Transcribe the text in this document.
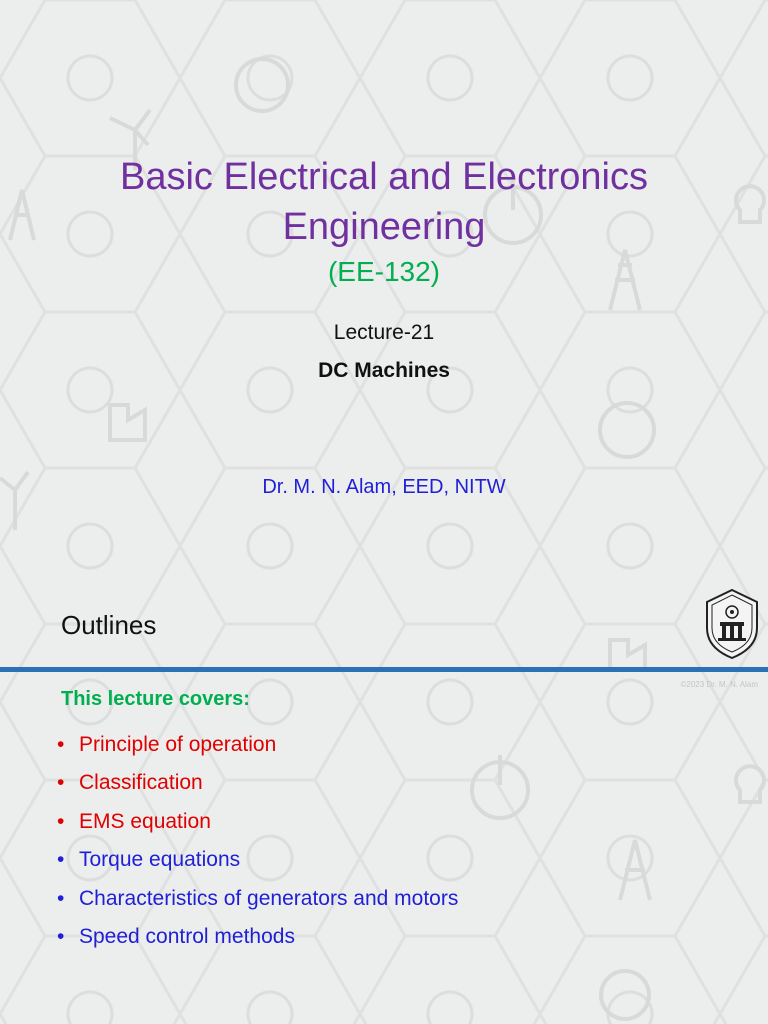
Basic Electrical and Electronics
Engineering
(EE-132)
Lecture-21
DC Machines
Dr. M. N. Alam, EED, NITW
Outlines
©2023 Dr. M. N. Alam
This lecture covers:
• Principle of operation
• Classification
• EMS equation
• Torque equations
• Characteristics of generators and motors
• Speed control methods
